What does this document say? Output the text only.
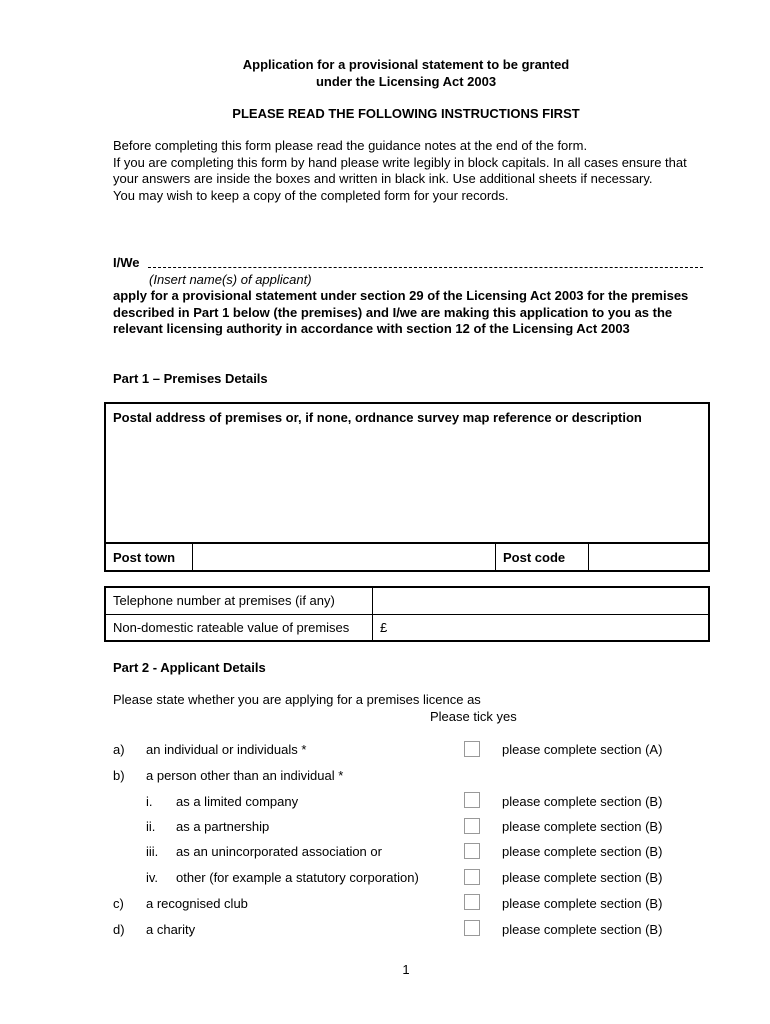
Application for a provisional statement to be granted
under the Licensing Act 2003
PLEASE READ THE FOLLOWING INSTRUCTIONS FIRST
Before completing this form please read the guidance notes at the end of the form.
If you are completing this form by hand please write legibly in block capitals. In all cases ensure that your answers are inside the boxes and written in black ink. Use additional sheets if necessary.
You may wish to keep a copy of the completed form for your records.
I/We
(Insert name(s) of applicant)
apply for a provisional statement under section 29 of the Licensing Act 2003 for the premises described in Part 1 below (the premises) and I/we are making this application to you as the relevant licensing authority in accordance with section 12 of the Licensing Act 2003
Part 1 – Premises Details
Postal address of premises or, if none, ordnance survey map reference or description
Post town		Post code	
Telephone number at premises (if any)	
Non-domestic rateable value of premises	£
Part 2 - Applicant Details
Please state whether you are applying for a premises licence as
Please tick yes
a) an individual or individuals *	please complete section (A)
b) a person other than an individual *
i. as a limited company	please complete section (B)
ii. as a partnership	please complete section (B)
iii. as an unincorporated association or	please complete section (B)
iv. other (for example a statutory corporation)	please complete section (B)
c) a recognised club	please complete section (B)
d) a charity	please complete section (B)
1
